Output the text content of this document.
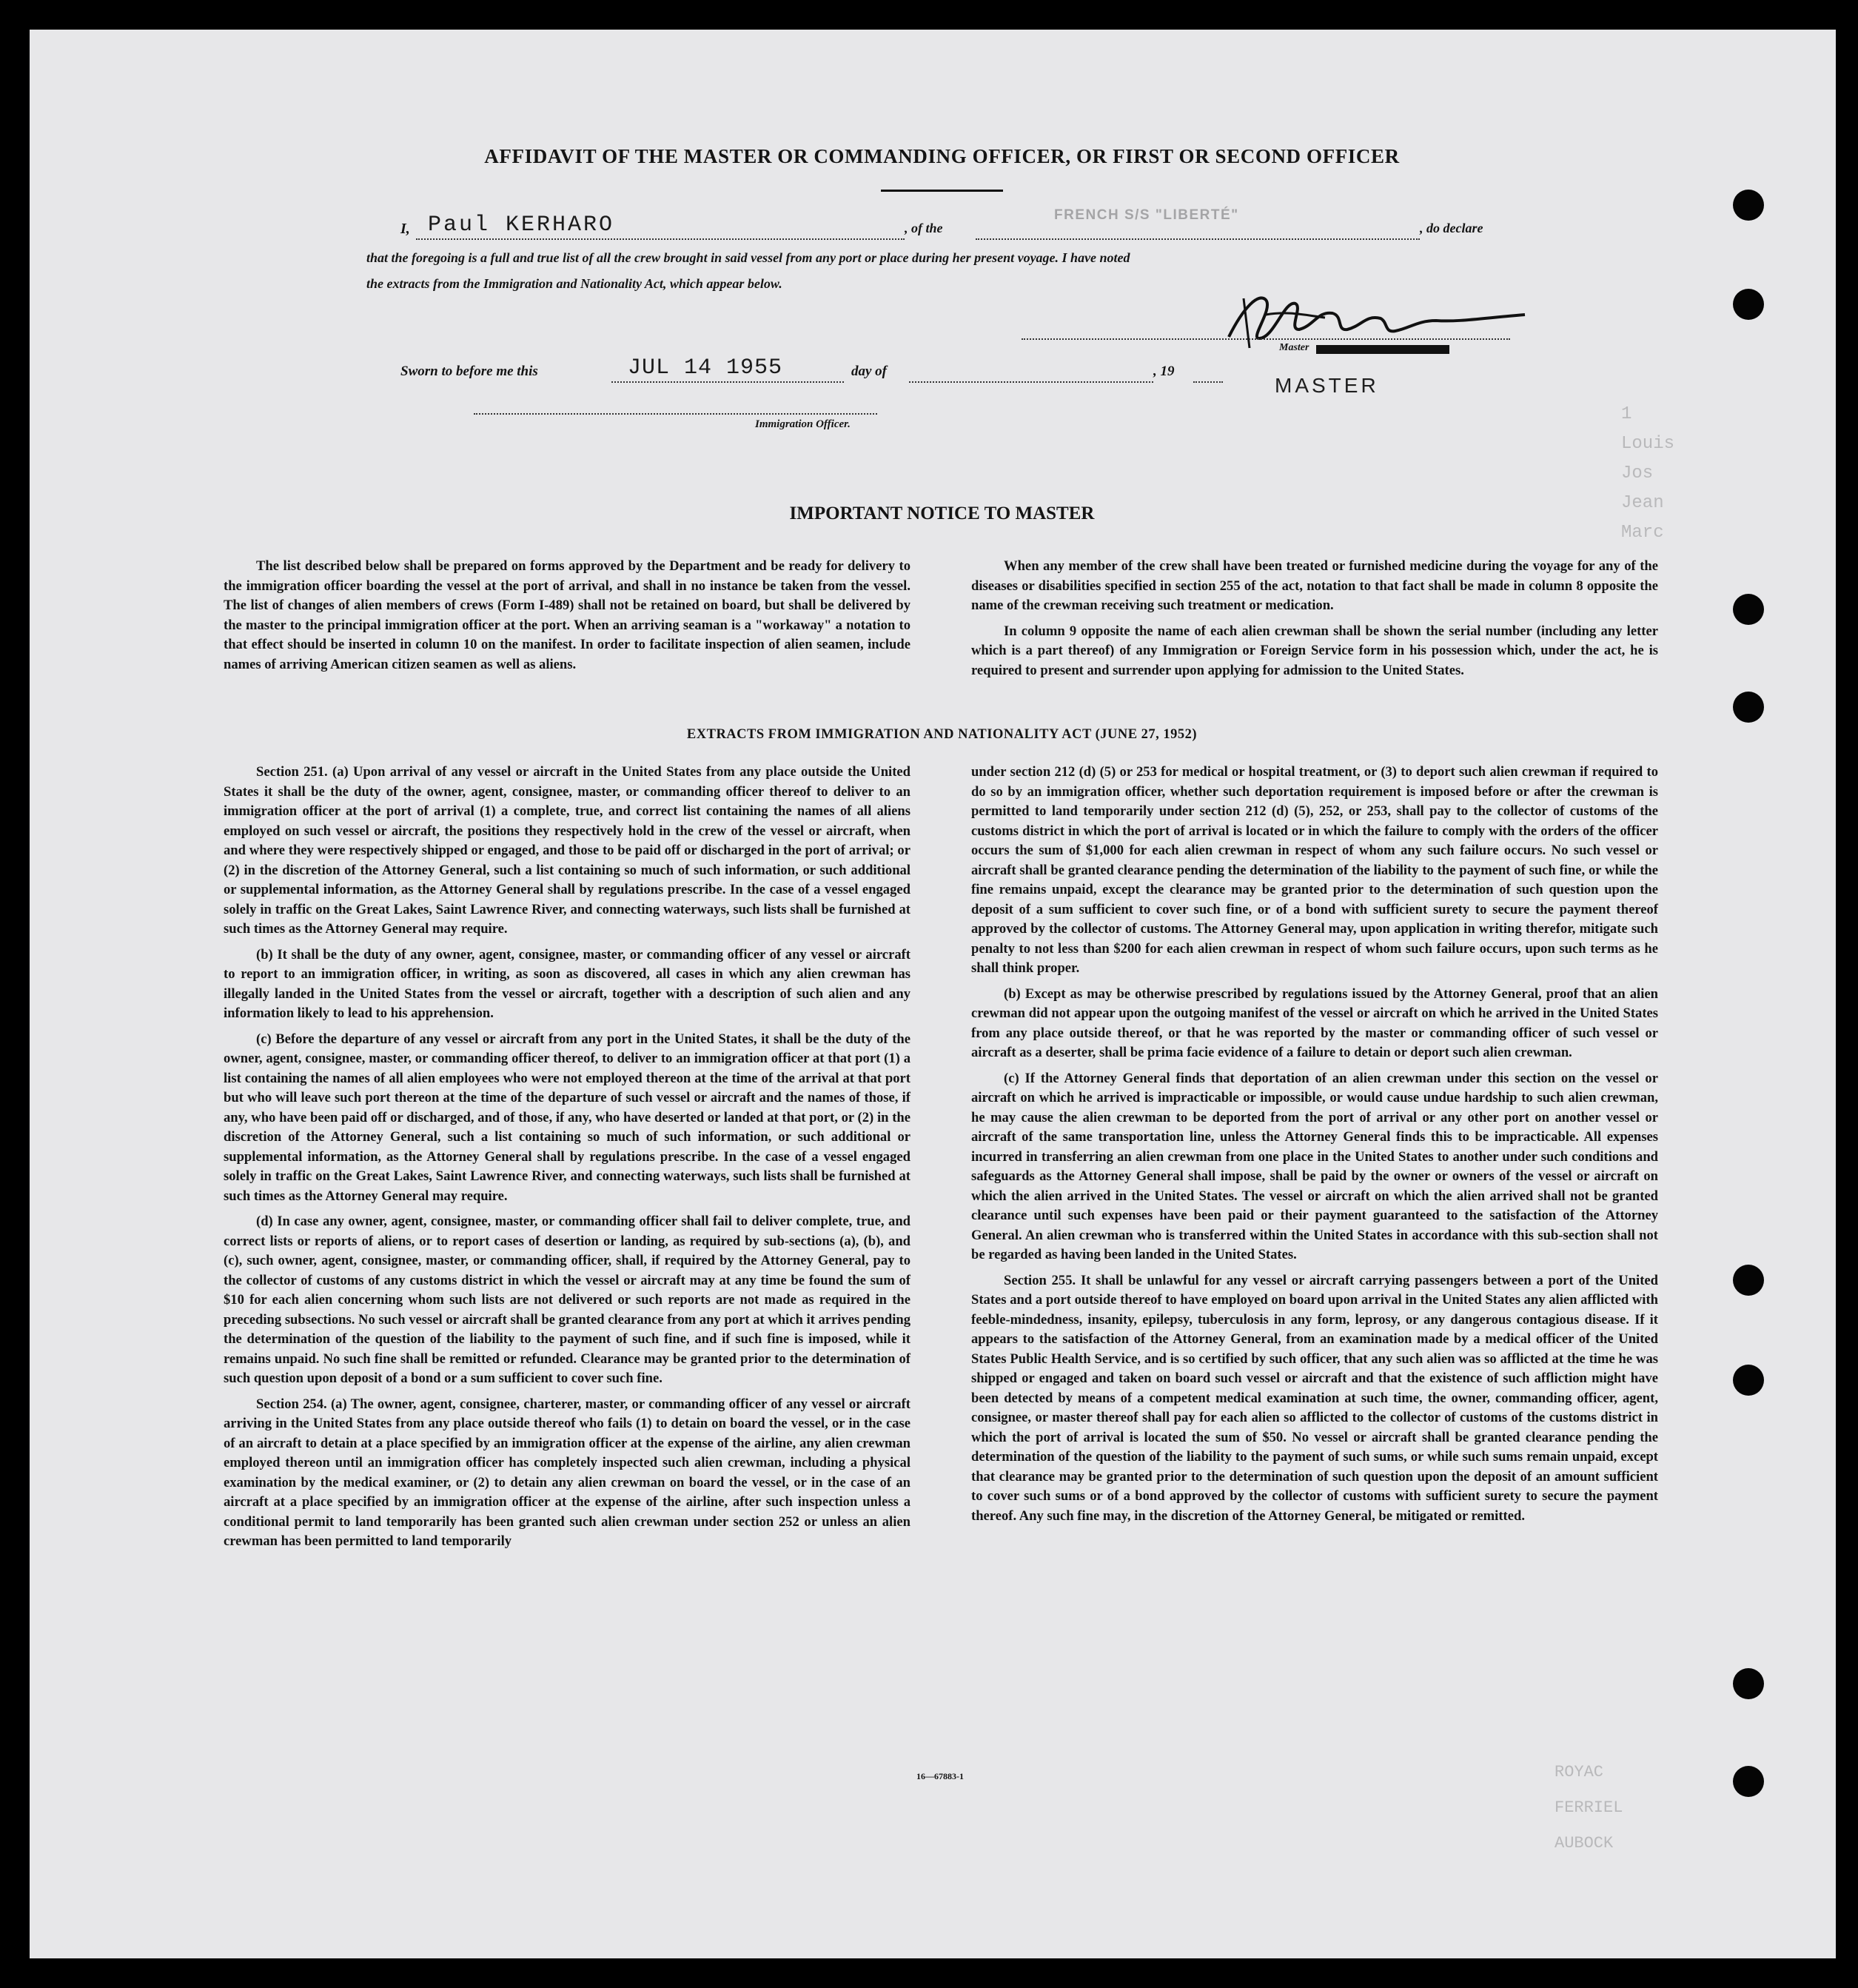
AFFIDAVIT OF THE MASTER OR COMMANDING OFFICER, OR FIRST OR SECOND OFFICER
I, Paul KERHARO	, of the
FRENCH S/S "LIBERTÉ"
, do declare
that the foregoing is a full and true list of all the crew brought in said vessel from any port or place during her present voyage. I have noted
the extracts from the Immigration and Nationality Act, which appear below.
Master
Sworn to before me this	JUL 14 1955	day of	, 19
MASTER
Immigration Officer.	1
Louis
Jos
Jean
Marc
IMPORTANT NOTICE TO MASTER

The list described below shall be prepared on forms approved by the Department and be ready for delivery to the immigration officer boarding the vessel at the port of arrival, and shall in no instance be taken from the vessel. The list of changes of alien members of crews (Form I-489) shall not be retained on board, but shall be delivered by the master to the principal immigration officer at the port. When an arriving seaman is a "workaway" a notation to that effect should be inserted in column 10 on the manifest. In order to facilitate inspection of alien seamen, include names of arriving American citizen seamen as well as aliens.

When any member of the crew shall have been treated or furnished medicine during the voyage for any of the diseases or disabilities specified in section 255 of the act, notation to that fact shall be made in column 8 opposite the name of the crewman receiving such treatment or medication.

In column 9 opposite the name of each alien crewman shall be shown the serial number (including any letter which is a part thereof) of any Immigration or Foreign Service form in his possession which, under the act, he is required to present and surrender upon applying for admission to the United States.

EXTRACTS FROM IMMIGRATION AND NATIONALITY ACT (JUNE 27, 1952)

Section 251. (a) Upon arrival of any vessel or aircraft in the United States from any place outside the United States it shall be the duty of the owner, agent, consignee, master, or commanding officer thereof to deliver to an immigration officer at the port of arrival (1) a complete, true, and correct list containing the names of all aliens employed on such vessel or aircraft, the positions they respectively hold in the crew of the vessel or aircraft, when and where they were respectively shipped or engaged, and those to be paid off or discharged in the port of arrival; or (2) in the discretion of the Attorney General, such a list containing so much of such information, or such additional or supplemental information, as the Attorney General shall by regulations prescribe. In the case of a vessel engaged solely in traffic on the Great Lakes, Saint Lawrence River, and connecting waterways, such lists shall be furnished at such times as the Attorney General may require.

(b) It shall be the duty of any owner, agent, consignee, master, or commanding officer of any vessel or aircraft to report to an immigration officer, in writing, as soon as discovered, all cases in which any alien crewman has illegally landed in the United States from the vessel or aircraft, together with a description of such alien and any information likely to lead to his apprehension.

(c) Before the departure of any vessel or aircraft from any port in the United States, it shall be the duty of the owner, agent, consignee, master, or commanding officer thereof, to deliver to an immigration officer at that port (1) a list containing the names of all alien employees who were not employed thereon at the time of the arrival at that port but who will leave such port thereon at the time of the departure of such vessel or aircraft and the names of those, if any, who have been paid off or discharged, and of those, if any, who have deserted or landed at that port, or (2) in the discretion of the Attorney General, such a list containing so much of such information, or such additional or supplemental information, as the Attorney General shall by regulations prescribe. In the case of a vessel engaged solely in traffic on the Great Lakes, Saint Lawrence River, and connecting waterways, such lists shall be furnished at such times as the Attorney General may require.

(d) In case any owner, agent, consignee, master, or commanding officer shall fail to deliver complete, true, and correct lists or reports of aliens, or to report cases of desertion or landing, as required by sub-sections (a), (b), and (c), such owner, agent, consignee, master, or commanding officer, shall, if required by the Attorney General, pay to the collector of customs of any customs district in which the vessel or aircraft may at any time be found the sum of $10 for each alien concerning whom such lists are not delivered or such reports are not made as required in the preceding subsections. No such vessel or aircraft shall be granted clearance from any port at which it arrives pending the determination of the question of the liability to the payment of such fine, and if such fine is imposed, while it remains unpaid. No such fine shall be remitted or refunded. Clearance may be granted prior to the determination of such question upon deposit of a bond or a sum sufficient to cover such fine.

Section 254. (a) The owner, agent, consignee, charterer, master, or commanding officer of any vessel or aircraft arriving in the United States from any place outside thereof who fails (1) to detain on board the vessel, or in the case of an aircraft to detain at a place specified by an immigration officer at the expense of the airline, any alien crewman employed thereon until an immigration officer has completely inspected such alien crewman, including a physical examination by the medical examiner, or (2) to detain any alien crewman on board the vessel, or in the case of an aircraft at a place specified by an immigration officer at the expense of the airline, after such inspection unless a conditional permit to land temporarily has been granted such alien crewman under section 252 or unless an alien crewman has been permitted to land temporarily

under section 212 (d) (5) or 253 for medical or hospital treatment, or (3) to deport such alien crewman if required to do so by an immigration officer, whether such deportation requirement is imposed before or after the crewman is permitted to land temporarily under section 212 (d) (5), 252, or 253, shall pay to the collector of customs of the customs district in which the port of arrival is located or in which the failure to comply with the orders of the officer occurs the sum of $1,000 for each alien crewman in respect of whom any such failure occurs. No such vessel or aircraft shall be granted clearance pending the determination of the liability to the payment of such fine, or while the fine remains unpaid, except the clearance may be granted prior to the determination of such question upon the deposit of a sum sufficient to cover such fine, or of a bond with sufficient surety to secure the payment thereof approved by the collector of customs. The Attorney General may, upon application in writing therefor, mitigate such penalty to not less than $200 for each alien crewman in respect of whom such failure occurs, upon such terms as he shall think proper.

(b) Except as may be otherwise prescribed by regulations issued by the Attorney General, proof that an alien crewman did not appear upon the outgoing manifest of the vessel or aircraft on which he arrived in the United States from any place outside thereof, or that he was reported by the master or commanding officer of such vessel or aircraft as a deserter, shall be prima facie evidence of a failure to detain or deport such alien crewman.

(c) If the Attorney General finds that deportation of an alien crewman under this section on the vessel or aircraft on which he arrived is impracticable or impossible, or would cause undue hardship to such alien crewman, he may cause the alien crewman to be deported from the port of arrival or any other port on another vessel or aircraft of the same transportation line, unless the Attorney General finds this to be impracticable. All expenses incurred in transferring an alien crewman from one place in the United States to another under such conditions and safeguards as the Attorney General shall impose, shall be paid by the owner or owners of the vessel or aircraft on which the alien arrived in the United States. The vessel or aircraft on which the alien arrived shall not be granted clearance until such expenses have been paid or their payment guaranteed to the satisfaction of the Attorney General. An alien crewman who is transferred within the United States in accordance with this sub-section shall not be regarded as having been landed in the United States.

Section 255. It shall be unlawful for any vessel or aircraft carrying passengers between a port of the United States and a port outside thereof to have employed on board upon arrival in the United States any alien afflicted with feeble-mindedness, insanity, epilepsy, tuberculosis in any form, leprosy, or any dangerous contagious disease. If it appears to the satisfaction of the Attorney General, from an examination made by a medical officer of the United States Public Health Service, and is so certified by such officer, that any such alien was so afflicted at the time he was shipped or engaged and taken on board such vessel or aircraft and that the existence of such affliction might have been detected by means of a competent medical examination at such time, the owner, commanding officer, agent, consignee, or master thereof shall pay for each alien so afflicted to the collector of customs of the customs district in which the port of arrival is located the sum of $50. No vessel or aircraft shall be granted clearance pending the determination of the question of the liability to the payment of such sums, or while such sums remain unpaid, except that clearance may be granted prior to the determination of such question upon the deposit of an amount sufficient to cover such sums or of a bond approved by the collector of customs with sufficient surety to secure the payment thereof. Any such fine may, in the discretion of the Attorney General, be mitigated or remitted.

16—67883-1	ROYAC
FERRIEL
AUBOCK
